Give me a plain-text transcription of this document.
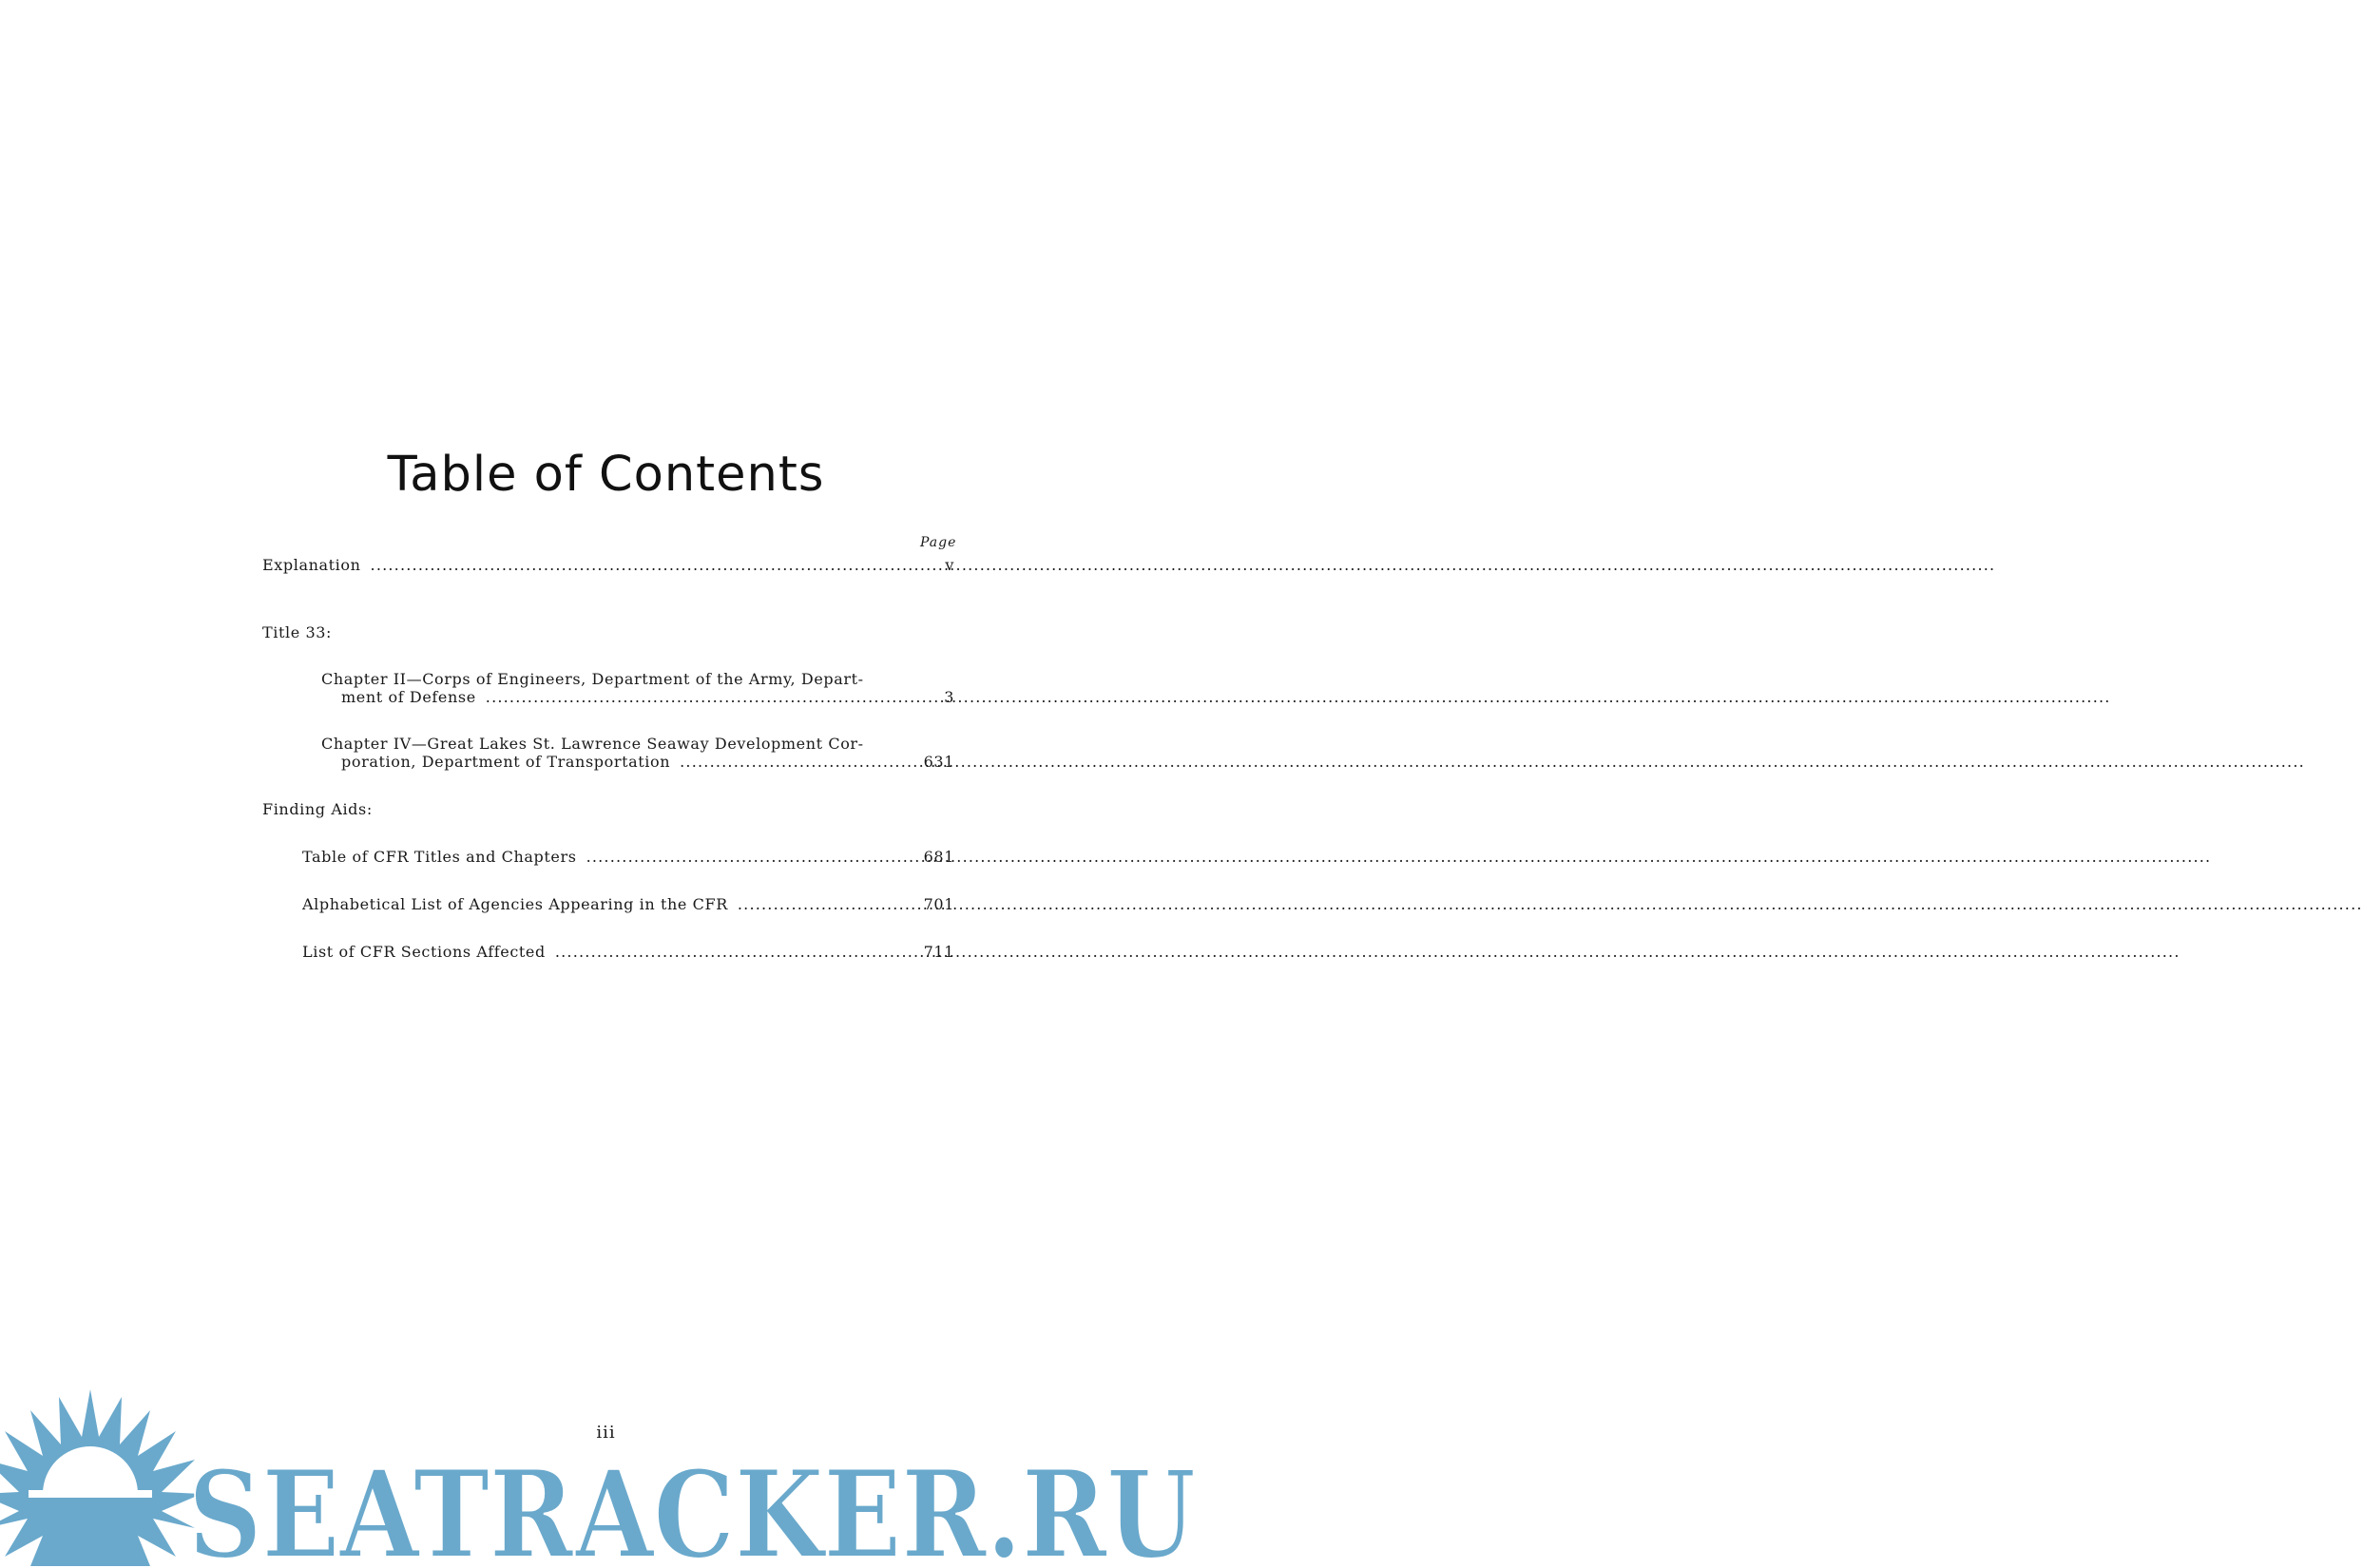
Table of Contents
Page
Explanation .....	v
Title 33:
Chapter II—Corps of Engineers, Department of the Army, Depart-
ment of Defense .....	3
Chapter IV—Great Lakes St. Lawrence Seaway Development Cor-
poration, Department of Transportation .....	631
Finding Aids:
Table of CFR Titles and Chapters .....	681
Alphabetical List of Agencies Appearing in the CFR .....	701
List of CFR Sections Affected .....	711
SEATRACKER.RU
iii
